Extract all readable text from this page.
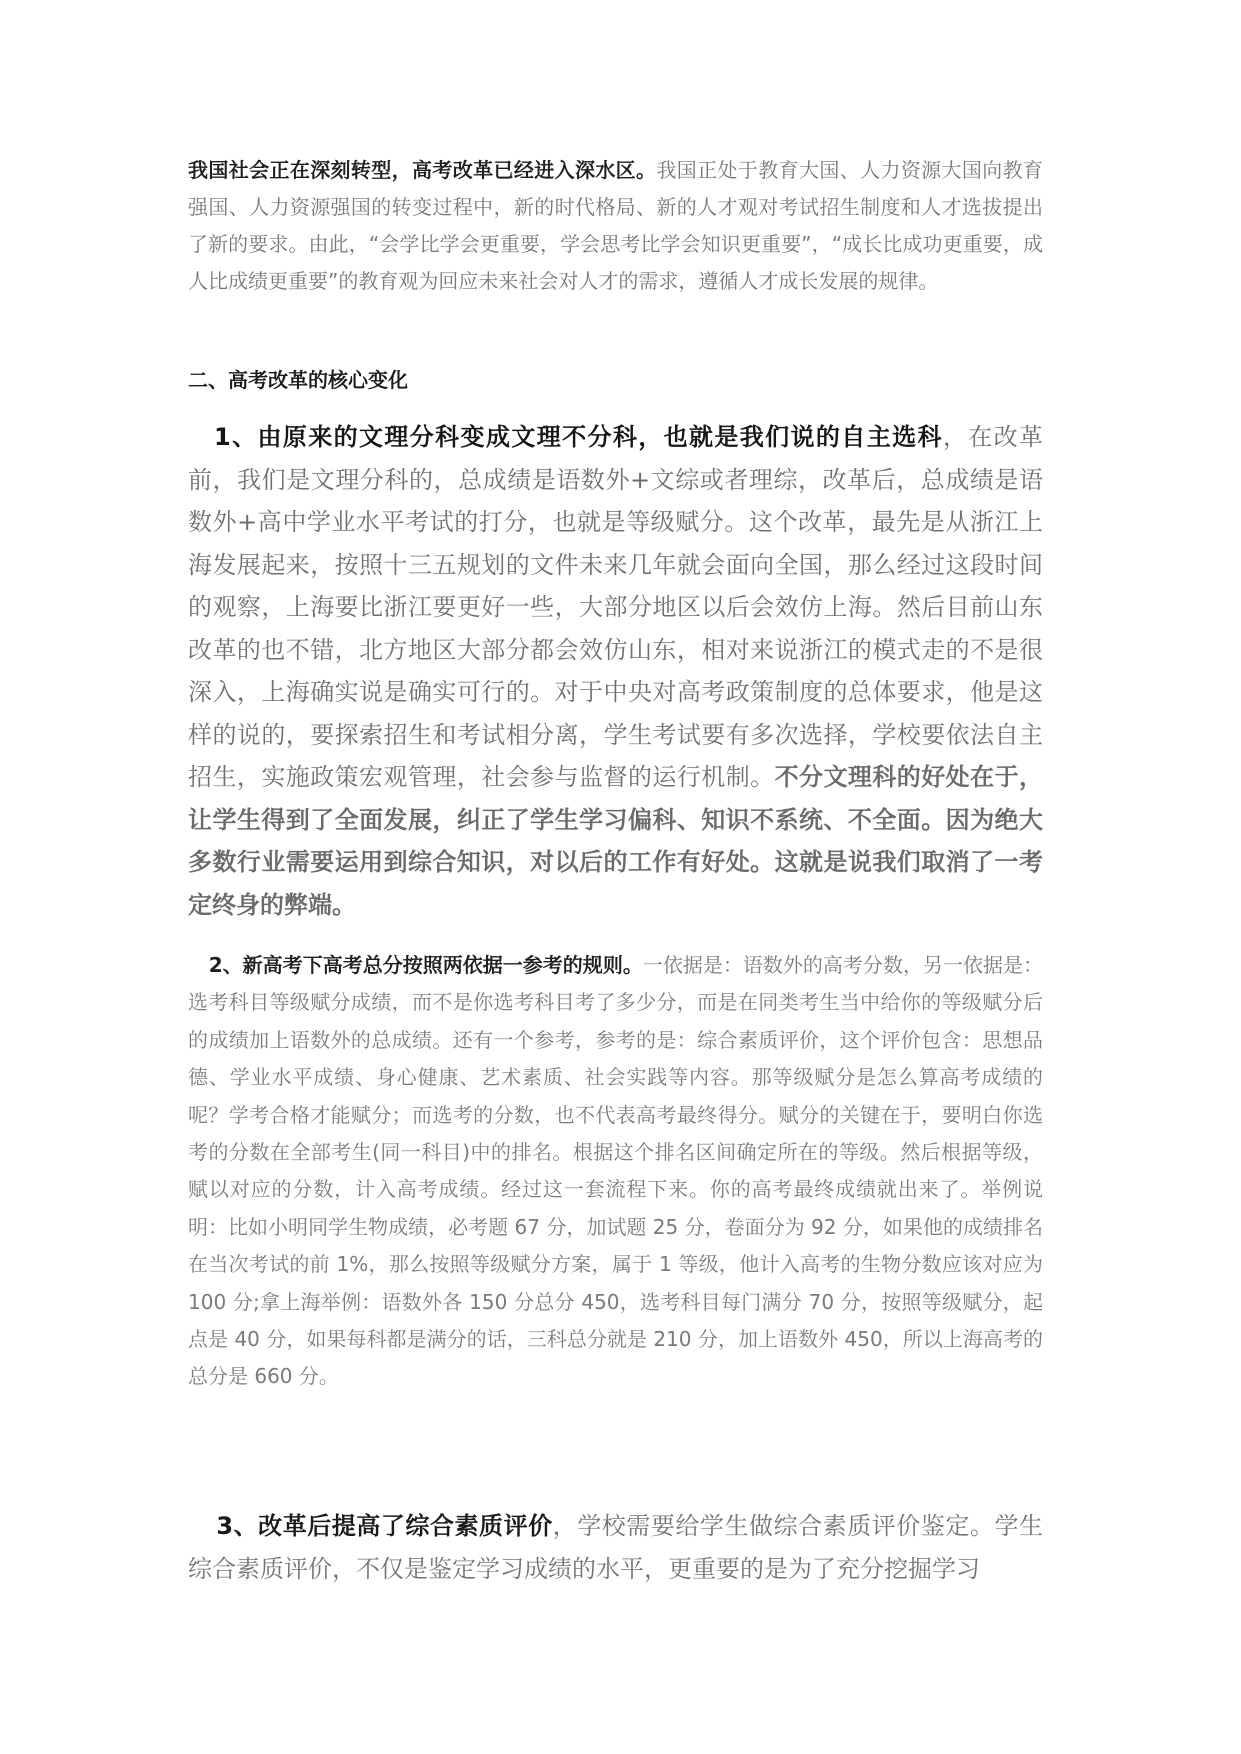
我国社会正在深刻转型，高考改革已经进入深水区。我国正处于教育大国、人力资源大国向教育强国、人力资源强国的转变过程中，新的时代格局、新的人才观对考试招生制度和人才选拔提出了新的要求。由此，“会学比学会更重要，学会思考比学会知识更重要”，“成长比成功更重要，成人比成绩更重要”的教育观为回应未来社会对人才的需求，遵循人才成长发展的规律。

二、高考改革的核心变化

1、由原来的文理分科变成文理不分科，也就是我们说的自主选科，在改革前，我们是文理分科的，总成绩是语数外+文综或者理综，改革后，总成绩是语数外+高中学业水平考试的打分，也就是等级赋分。这个改革，最先是从浙江上海发展起来，按照十三五规划的文件未来几年就会面向全国，那么经过这段时间的观察，上海要比浙江要更好一些，大部分地区以后会效仿上海。然后目前山东改革的也不错，北方地区大部分都会效仿山东，相对来说浙江的模式走的不是很深入，上海确实说是确实可行的。对于中央对高考政策制度的总体要求，他是这样的说的，要探索招生和考试相分离，学生考试要有多次选择，学校要依法自主招生，实施政策宏观管理，社会参与监督的运行机制。不分文理科的好处在于，让学生得到了全面发展，纠正了学生学习偏科、知识不系统、不全面。因为绝大多数行业需要运用到综合知识，对以后的工作有好处。这就是说我们取消了一考定终身的弊端。

2、新高考下高考总分按照两依据一参考的规则。一依据是：语数外的高考分数，另一依据是：选考科目等级赋分成绩，而不是你选考科目考了多少分，而是在同类考生当中给你的等级赋分后的成绩加上语数外的总成绩。还有一个参考，参考的是：综合素质评价，这个评价包含：思想品德、学业水平成绩、身心健康、艺术素质、社会实践等内容。那等级赋分是怎么算高考成绩的呢？学考合格才能赋分；而选考的分数，也不代表高考最终得分。赋分的关键在于，要明白你选考的分数在全部考生(同一科目)中的排名。根据这个排名区间确定所在的等级。然后根据等级，赋以对应的分数，计入高考成绩。经过这一套流程下来。你的高考最终成绩就出来了。举例说明：比如小明同学生物成绩，必考题 67 分，加试题 25 分，卷面分为 92 分，如果他的成绩排名在当次考试的前 1%，那么按照等级赋分方案，属于 1 等级，他计入高考的生物分数应该对应为 100 分;拿上海举例：语数外各 150 分总分 450，选考科目每门满分 70 分，按照等级赋分，起点是 40 分，如果每科都是满分的话，三科总分就是 210 分，加上语数外 450，所以上海高考的总分是 660 分。

3、改革后提高了综合素质评价，学校需要给学生做综合素质评价鉴定。学生综合素质评价，不仅是鉴定学习成绩的水平，更重要的是为了充分挖掘学习
